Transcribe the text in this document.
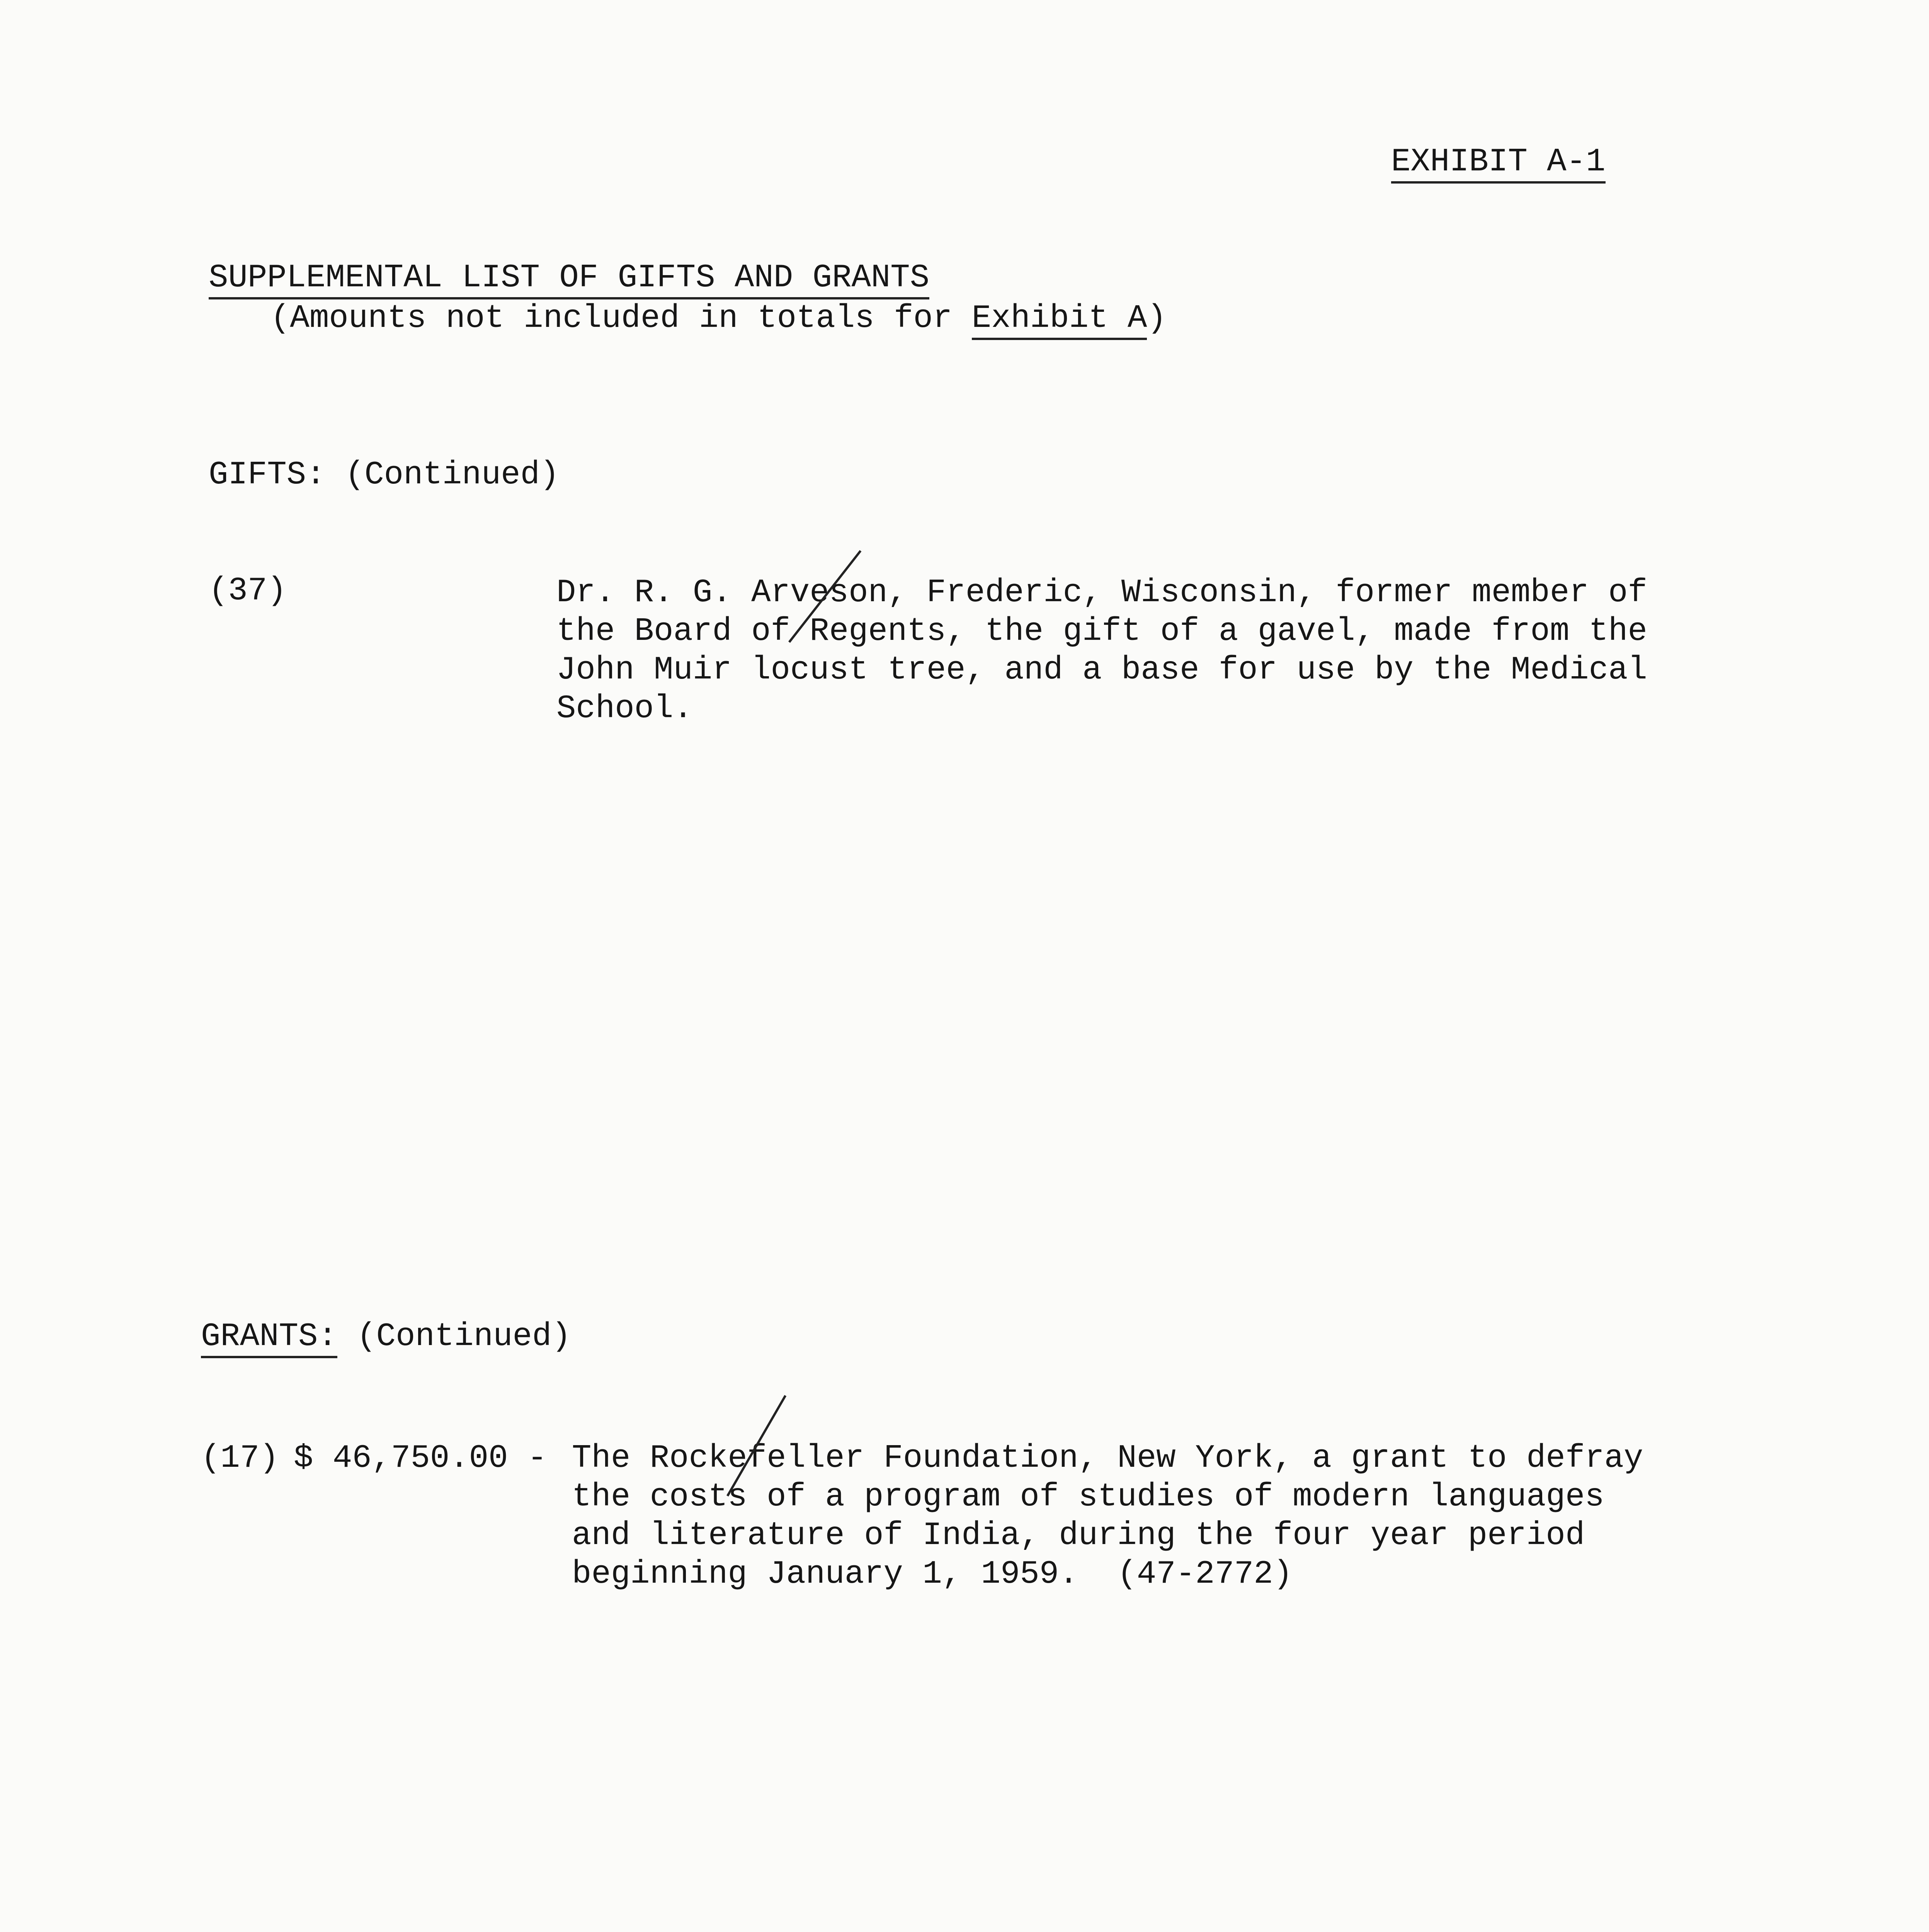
EXHIBIT A-1
SUPPLEMENTAL LIST OF GIFTS AND GRANTS
(Amounts not included in totals for Exhibit A)
GIFTS: (Continued)
(37)	Dr. R. G. Arveson, Frederic, Wisconsin, former member of
the Board of Regents, the gift of a gavel, made from the
John Muir locust tree, and a base for use by the Medical
School.
GRANTS: (Continued)
(17) $ 46,750.00 - The Rockefeller Foundation, New York, a grant to defray
the costs of a program of studies of modern languages
and literature of India, during the four year period
beginning January 1, 1959.  (47-2772)
